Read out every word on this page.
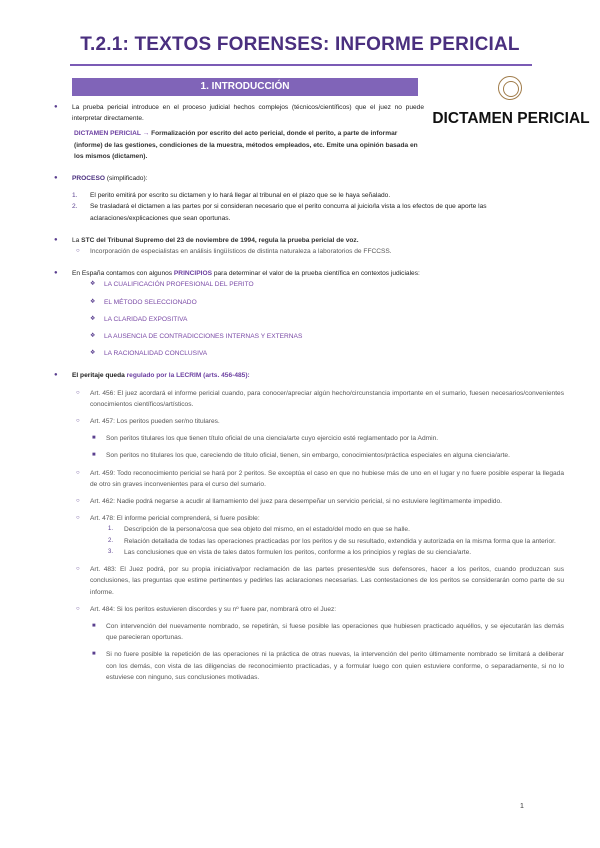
T.2.1: TEXTOS FORENSES: INFORME PERICIAL
1. INTRODUCCIÓN
DICTAMEN PERICIAL
● La prueba pericial introduce en el proceso judicial hechos complejos (técnicos/científicos) que el juez no puede interpretar directamente.
DICTAMEN PERICIAL → Formalización por escrito del acto pericial, donde el perito, a parte de informar (informe) de las gestiones, condiciones de la muestra, métodos empleados, etc. Emite una opinión basada en los mismos (dictamen).
● PROCESO (simplificado):
1. El perito emitirá por escrito su dictamen y lo hará llegar al tribunal en el plazo que se le haya señalado.
2. Se trasladará el dictamen a las partes por si consideran necesario que el perito concurra al juicio/la vista a los efectos de que aporte las aclaraciones/explicaciones que sean oportunas.
● La STC del Tribunal Supremo del 23 de noviembre de 1994, regula la prueba pericial de voz.
○ Incorporación de especialistas en análisis lingüísticos de distinta naturaleza a laboratorios de FFCCSS.
● En España contamos con algunos PRINCIPIOS para determinar el valor de la prueba científica en contextos judiciales:
❖ LA CUALIFICACIÓN PROFESIONAL DEL PERITO
❖ EL MÉTODO SELECCIONADO
❖ LA CLARIDAD EXPOSITIVA
❖ LA AUSENCIA DE CONTRADICCIONES INTERNAS Y EXTERNAS
❖ LA RACIONALIDAD CONCLUSIVA
● El peritaje queda regulado por la LECRIM (arts. 456-485):
○ Art. 456: El juez acordará el informe pericial cuando, para conocer/apreciar algún hecho/circunstancia importante en el sumario, fuesen necesarios/convenientes conocimientos científicos/artísticos.
○ Art. 457: Los peritos pueden ser/no titulares.
■ Son peritos titulares los que tienen título oficial de una ciencia/arte cuyo ejercicio esté reglamentado por la Admin.
■ Son peritos no titulares los que, careciendo de título oficial, tienen, sin embargo, conocimientos/práctica especiales en alguna ciencia/arte.
○ Art. 459: Todo reconocimiento pericial se hará por 2 peritos. Se exceptúa el caso en que no hubiese más de uno en el lugar y no fuere posible esperar la llegada de otro sin graves inconvenientes para el curso del sumario.
○ Art. 462: Nadie podrá negarse a acudir al llamamiento del juez para desempeñar un servicio pericial, si no estuviere legítimamente impedido.
○ Art. 478: El informe pericial comprenderá, si fuere posible:
1. Descripción de la persona/cosa que sea objeto del mismo, en el estado/del modo en que se halle.
2. Relación detallada de todas las operaciones practicadas por los peritos y de su resultado, extendida y autorizada en la misma forma que la anterior.
3. Las conclusiones que en vista de tales datos formulen los peritos, conforme a los principios y reglas de su ciencia/arte.
○ Art. 483: El Juez podrá, por su propia iniciativa/por reclamación de las partes presentes/de sus defensores, hacer a los peritos, cuando produzcan sus conclusiones, las preguntas que estime pertinentes y pedirles las aclaraciones necesarias. Las contestaciones de los peritos se considerarán como parte de su informe.
○ Art. 484: Si los peritos estuvieren discordes y su nº fuere par, nombrará otro el Juez:
■ Con intervención del nuevamente nombrado, se repetirán, si fuese posible las operaciones que hubiesen practicado aquéllos, y se ejecutarán las demás que parecieran oportunas.
■ Si no fuere posible la repetición de las operaciones ni la práctica de otras nuevas, la intervención del perito últimamente nombrado se limitará a deliberar con los demás, con vista de las diligencias de reconocimiento practicadas, y a formular luego con quien estuviere conforme, o separadamente, si no lo estuviese con ninguno, sus conclusiones motivadas.
1
